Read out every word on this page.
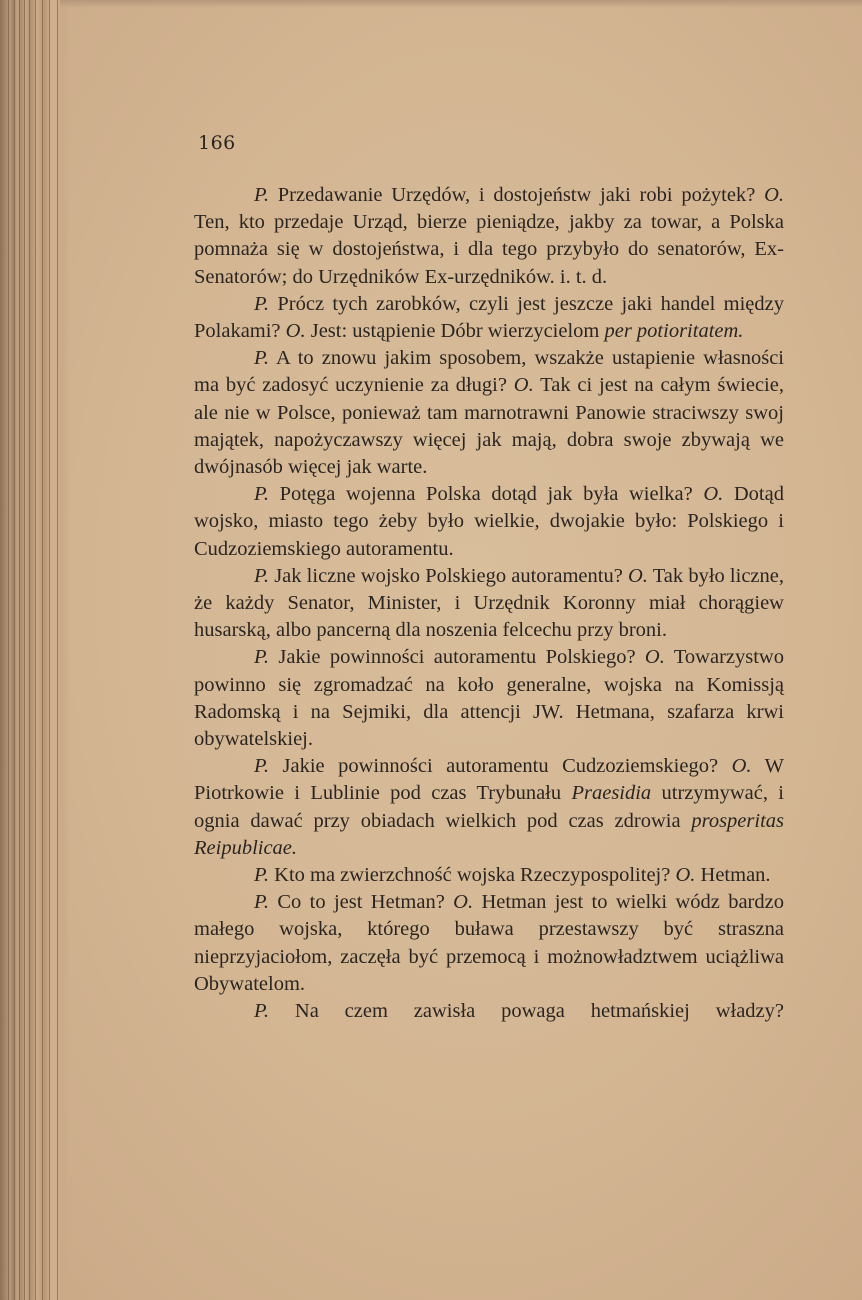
166

P. Przedawanie Urzędów, i dostojeństw jaki robi pożytek? O. Ten, kto przedaje Urząd, bierze pieniądze, jakby za towar, a Polska pomnaża się w dostojeństwa, i dla tego przybyło do senatorów, Ex-Senatorów; do Urzędników Ex-urzędników. i. t. d.

P. Prócz tych zarobków, czyli jest jeszcze jaki handel między Polakami? O. Jest: ustąpienie Dóbr wierzycielom per potioritatem.

P. A to znowu jakim sposobem, wszakże ustapienie własności ma być zadosyć uczynienie za długi? O. Tak ci jest na całym świecie, ale nie w Polsce, ponieważ tam marnotrawni Panowie straciwszy swoj majątek, napożyczawszy więcej jak mają, dobra swoje zbywają we dwójnasób więcej jak warte.

P. Potęga wojenna Polska dotąd jak była wielka? O. Dotąd wojsko, miasto tego żeby było wielkie, dwojakie było: Polskiego i Cudzoziemskiego autoramentu.

P. Jak liczne wojsko Polskiego autoramentu? O. Tak było liczne, że każdy Senator, Minister, i Urzędnik Koronny miał chorągiew husarską, albo pancerną dla noszenia felcechu przy broni.

P. Jakie powinności autoramentu Polskiego? O. Towarzystwo powinno się zgromadzać na koło generalne, wojska na Komissją Radomską i na Sejmiki, dla attencji JW. Hetmana, szafarza krwi obywatelskiej.

P. Jakie powinności autoramentu Cudzoziemskiego? O. W Piotrkowie i Lublinie pod czas Trybunału Praesidia utrzymywać, i ognia dawać przy obiadach wielkich pod czas zdrowia prosperitas Reipublicae.

P. Kto ma zwierzchność wojska Rzeczypospolitej? O. Hetman.

P. Co to jest Hetman? O. Hetman jest to wielki wódz bardzo małego wojska, którego buława przestawszy być straszna nieprzyjaciołom, zaczęła być przemocą i możnowładztwem uciążliwa Obywatelom.

P. Na czem zawisła powaga hetmańskiej władzy?
